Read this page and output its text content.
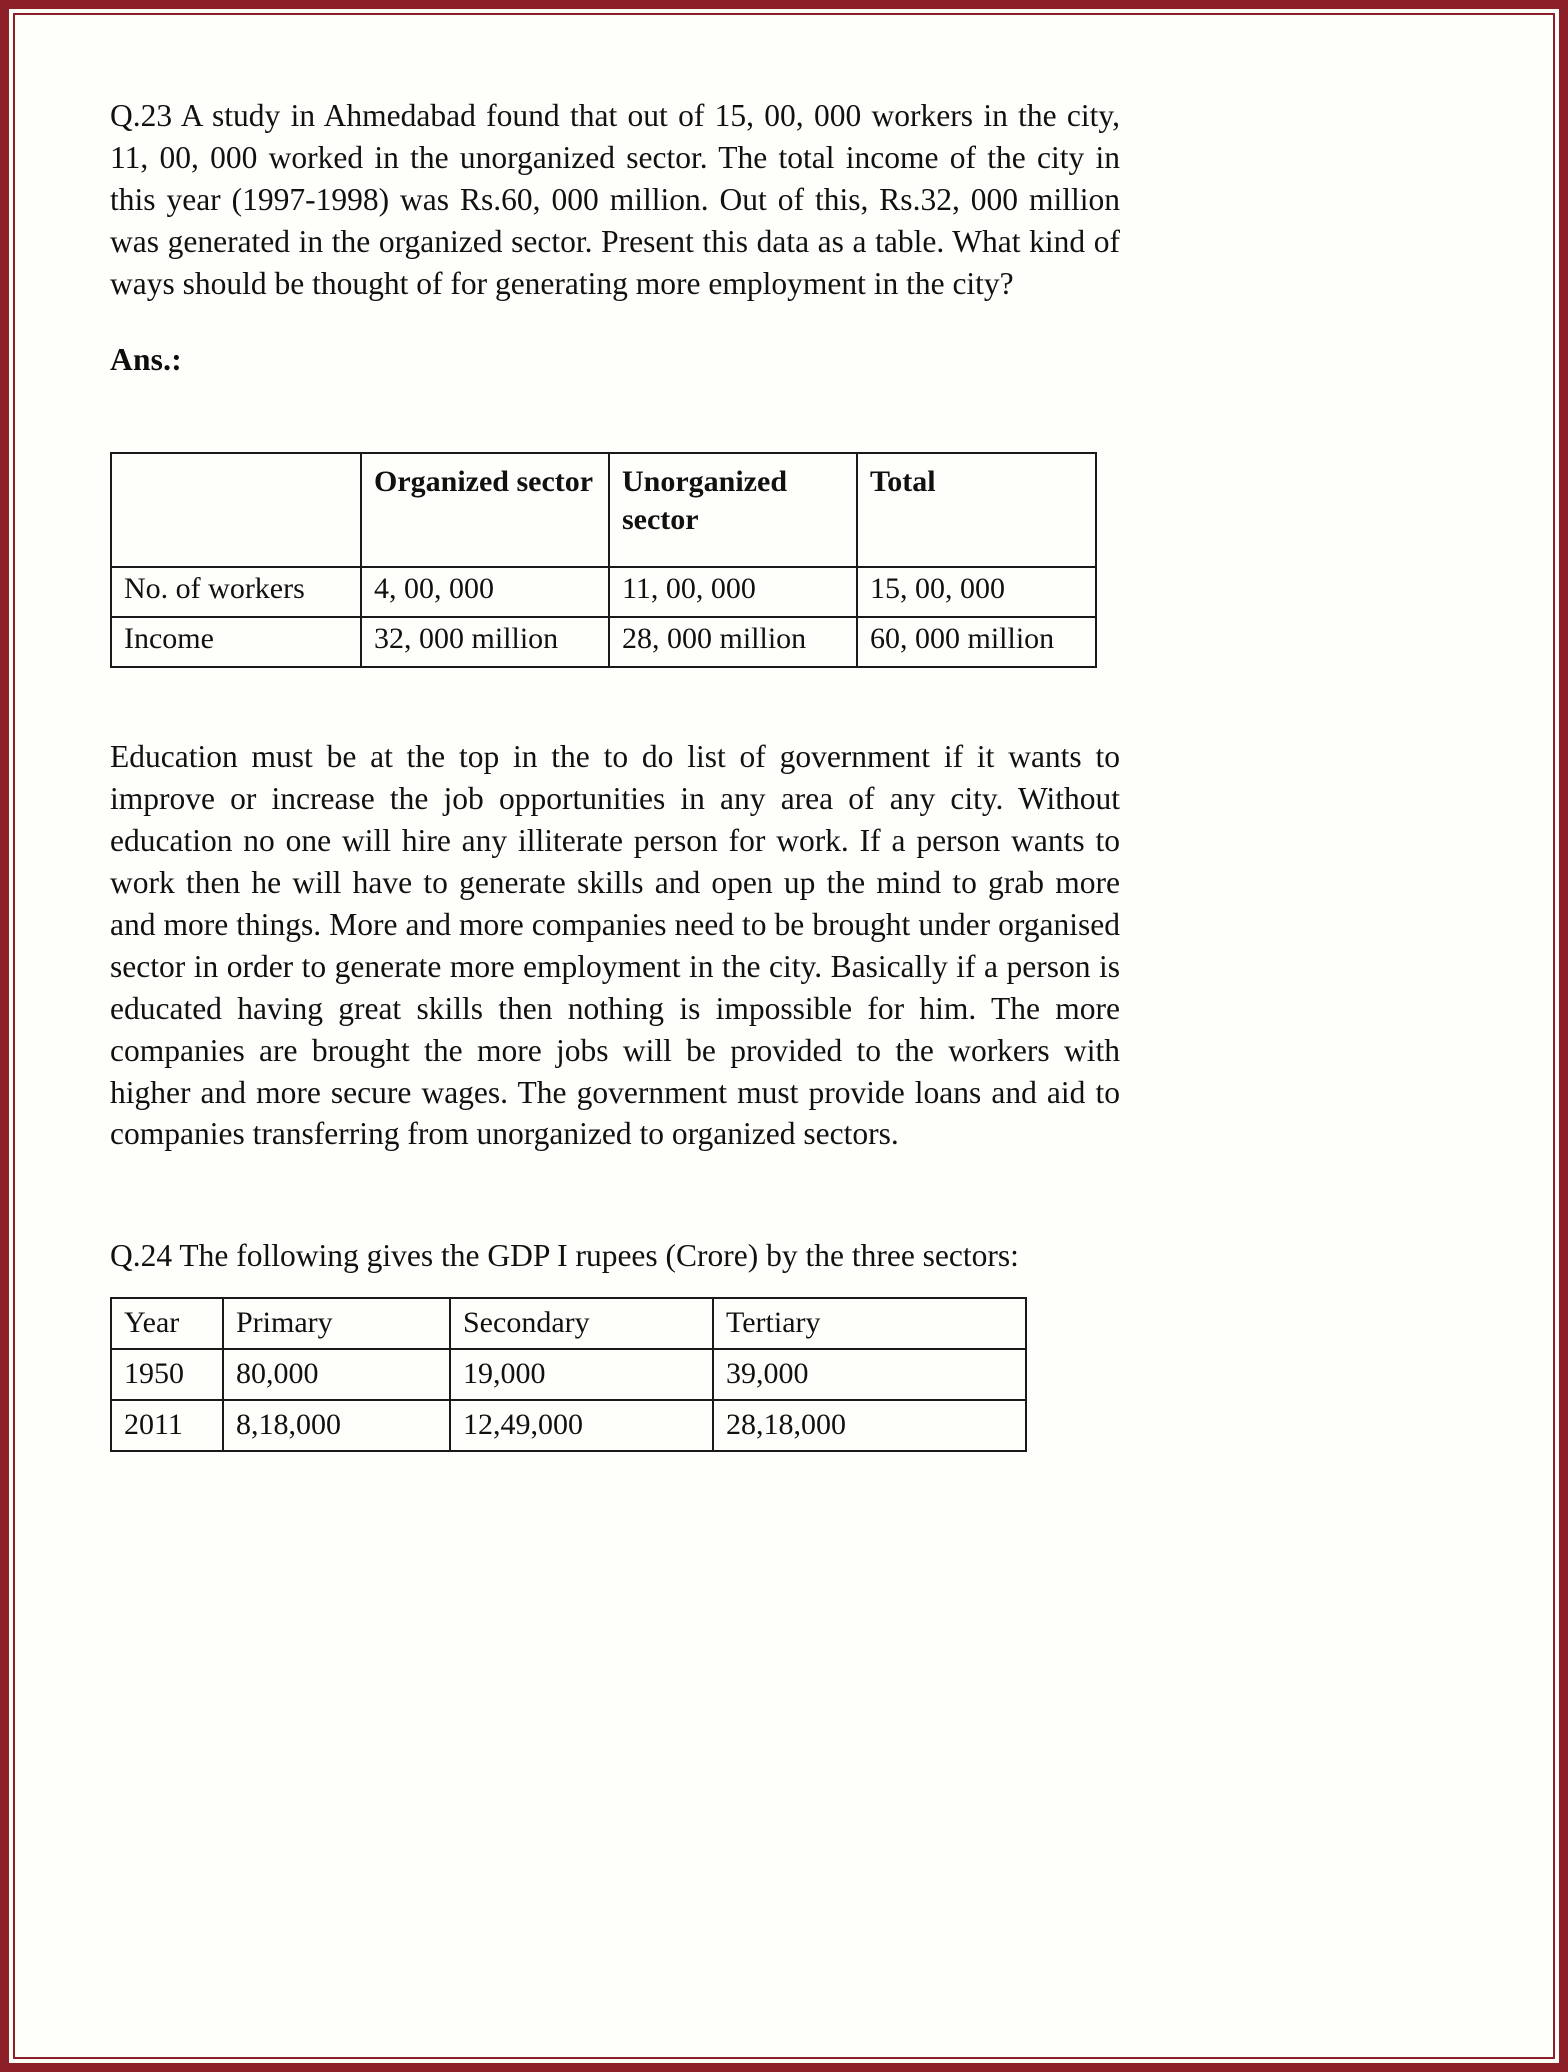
Q.23 A study in Ahmedabad found that out of 15, 00, 000 workers in the city, 11, 00, 000 worked in the unorganized sector. The total income of the city in this year (1997-1998) was Rs.60, 000 million. Out of this, Rs.32, 000 million was generated in the organized sector. Present this data as a table. What kind of ways should be thought of for generating more employment in the city?
Ans.:
	Organized sector	Unorganized sector	Total
No. of workers	4, 00, 000	11, 00, 000	15, 00, 000
Income	32, 000 million	28, 000 million	60, 000 million
Education must be at the top in the to do list of government if it wants to improve or increase the job opportunities in any area of any city. Without education no one will hire any illiterate person for work. If a person wants to work then he will have to generate skills and open up the mind to grab more and more things. More and more companies need to be brought under organised sector in order to generate more employment in the city. Basically if a person is educated having great skills then nothing is impossible for him. The more companies are brought the more jobs will be provided to the workers with higher and more secure wages. The government must provide loans and aid to companies transferring from unorganized to organized sectors.
Q.24 The following gives the GDP I rupees (Crore) by the three sectors:
Year	Primary	Secondary	Tertiary
1950	80,000	19,000	39,000
2011	8,18,000	12,49,000	28,18,000
